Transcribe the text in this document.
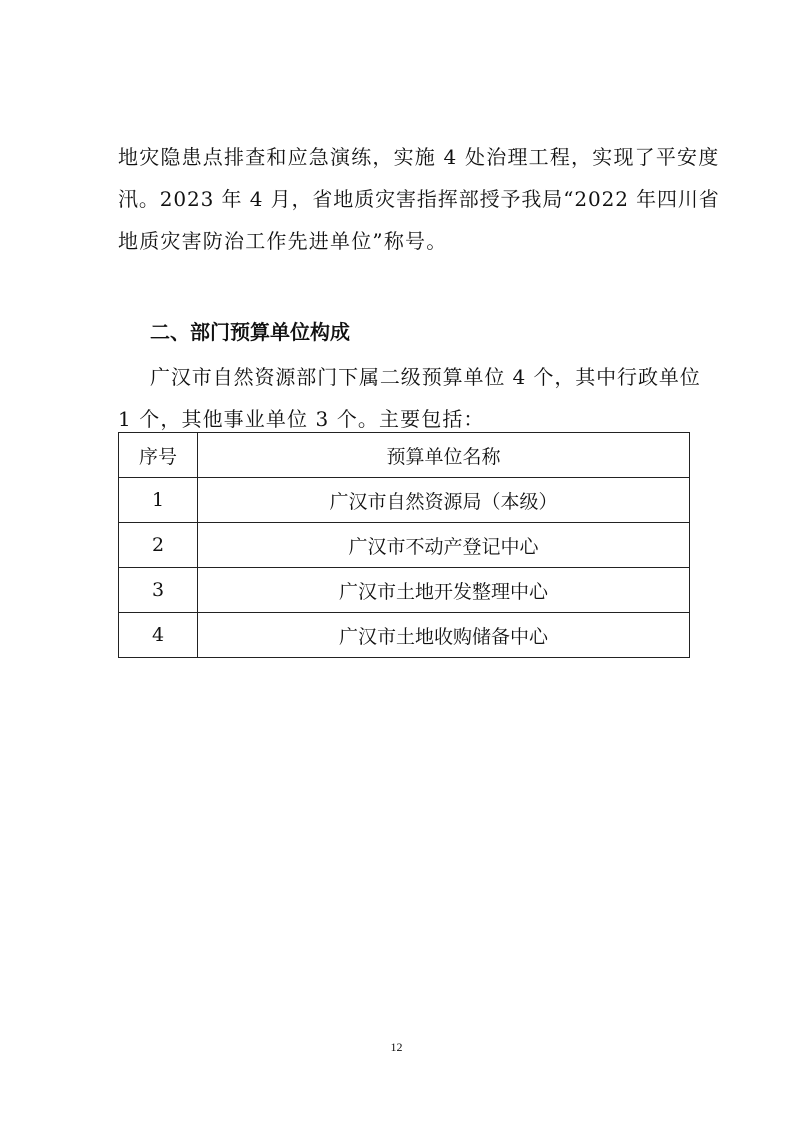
地灾隐患点排查和应急演练，实施 4 处治理工程，实现了平安度
汛。2023 年 4 月，省地质灾害指挥部授予我局“2022 年四川省
地质灾害防治工作先进单位”称号。
二、部门预算单位构成
广汉市自然资源部门下属二级预算单位 4 个，其中行政单位
1 个，其他事业单位 3 个。主要包括：
序号	预算单位名称
1	广汉市自然资源局（本级）
2	广汉市不动产登记中心
3	广汉市土地开发整理中心
4	广汉市土地收购储备中心
12
